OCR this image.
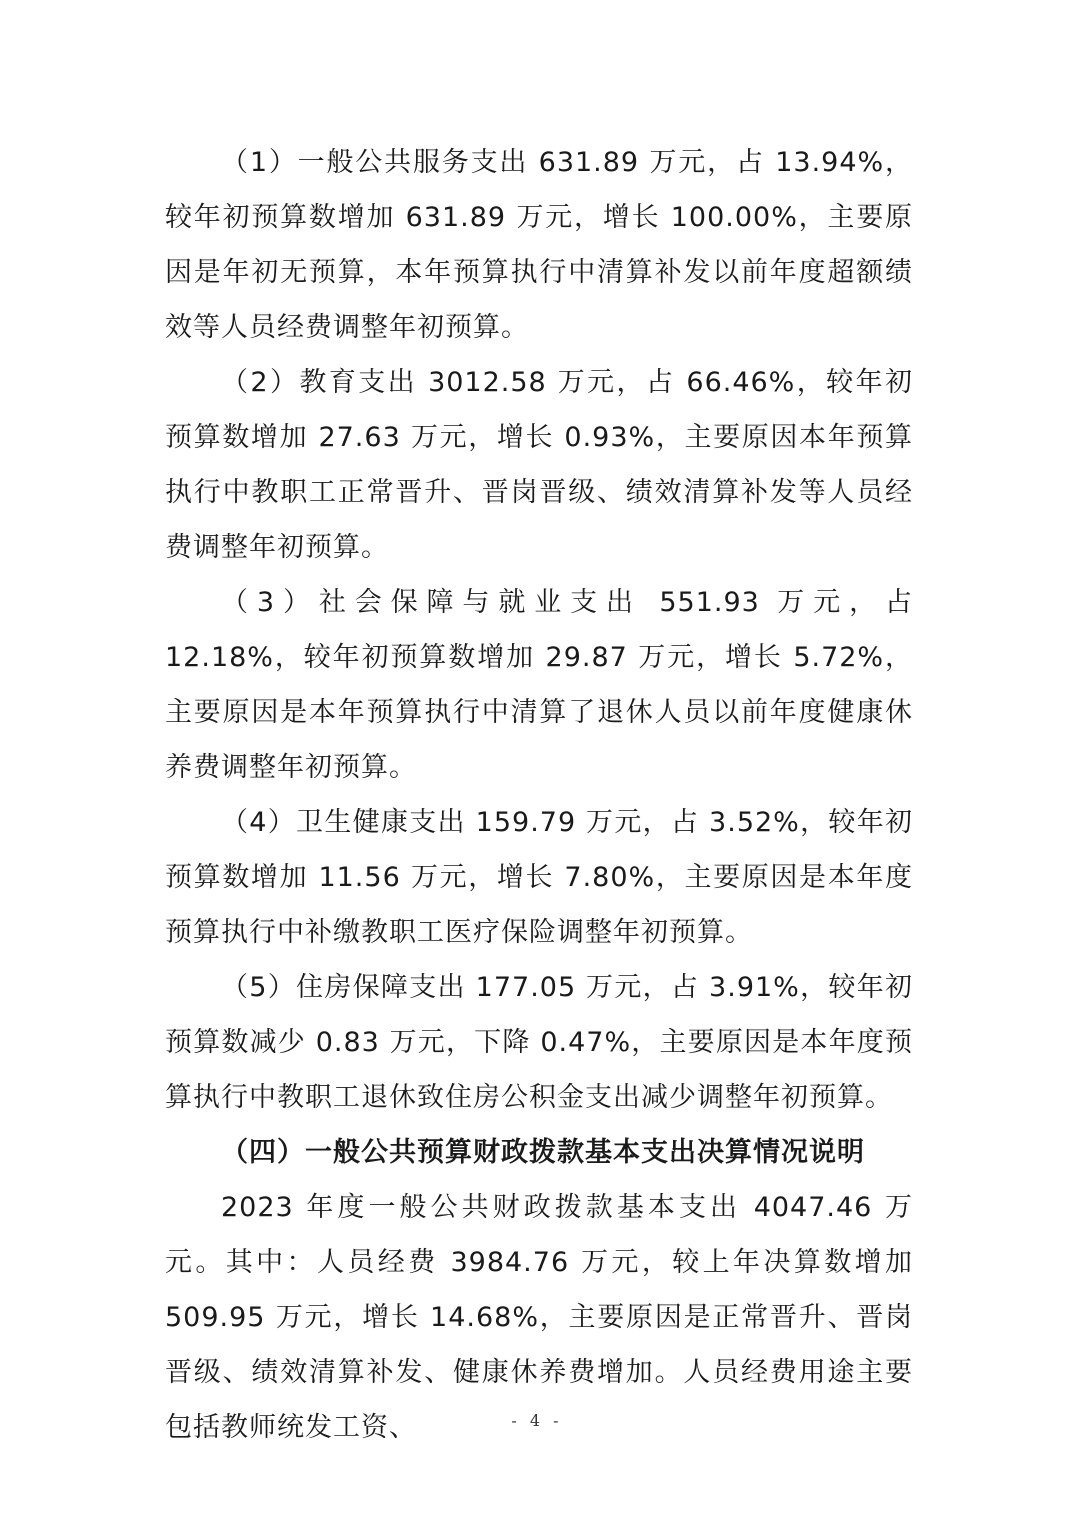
（1）一般公共服务支出 631.89 万元，占 13.94%，较年初预算数增加 631.89 万元，增长 100.00%，主要原因是年初无预算，本年预算执行中清算补发以前年度超额绩效等人员经费调整年初预算。

（2）教育支出 3012.58 万元，占 66.46%，较年初预算数增加 27.63 万元，增长 0.93%，主要原因本年预算执行中教职工正常晋升、晋岗晋级、绩效清算补发等人员经费调整年初预算。

（3）社会保障与就业支出 551.93 万元，占 12.18%，较年初预算数增加 29.87 万元，增长 5.72%，主要原因是本年预算执行中清算了退休人员以前年度健康休养费调整年初预算。

（4）卫生健康支出 159.79 万元，占 3.52%，较年初预算数增加 11.56 万元，增长 7.80%，主要原因是本年度预算执行中补缴教职工医疗保险调整年初预算。

（5）住房保障支出 177.05 万元，占 3.91%，较年初预算数减少 0.83 万元，下降 0.47%，主要原因是本年度预算执行中教职工退休致住房公积金支出减少调整年初预算。

（四）一般公共预算财政拨款基本支出决算情况说明

2023 年度一般公共财政拨款基本支出 4047.46 万元。其中：人员经费 3984.76 万元，较上年决算数增加 509.95 万元，增长 14.68%，主要原因是正常晋升、晋岗晋级、绩效清算补发、健康休养费增加。人员经费用途主要包括教师统发工资、	- 4 -
